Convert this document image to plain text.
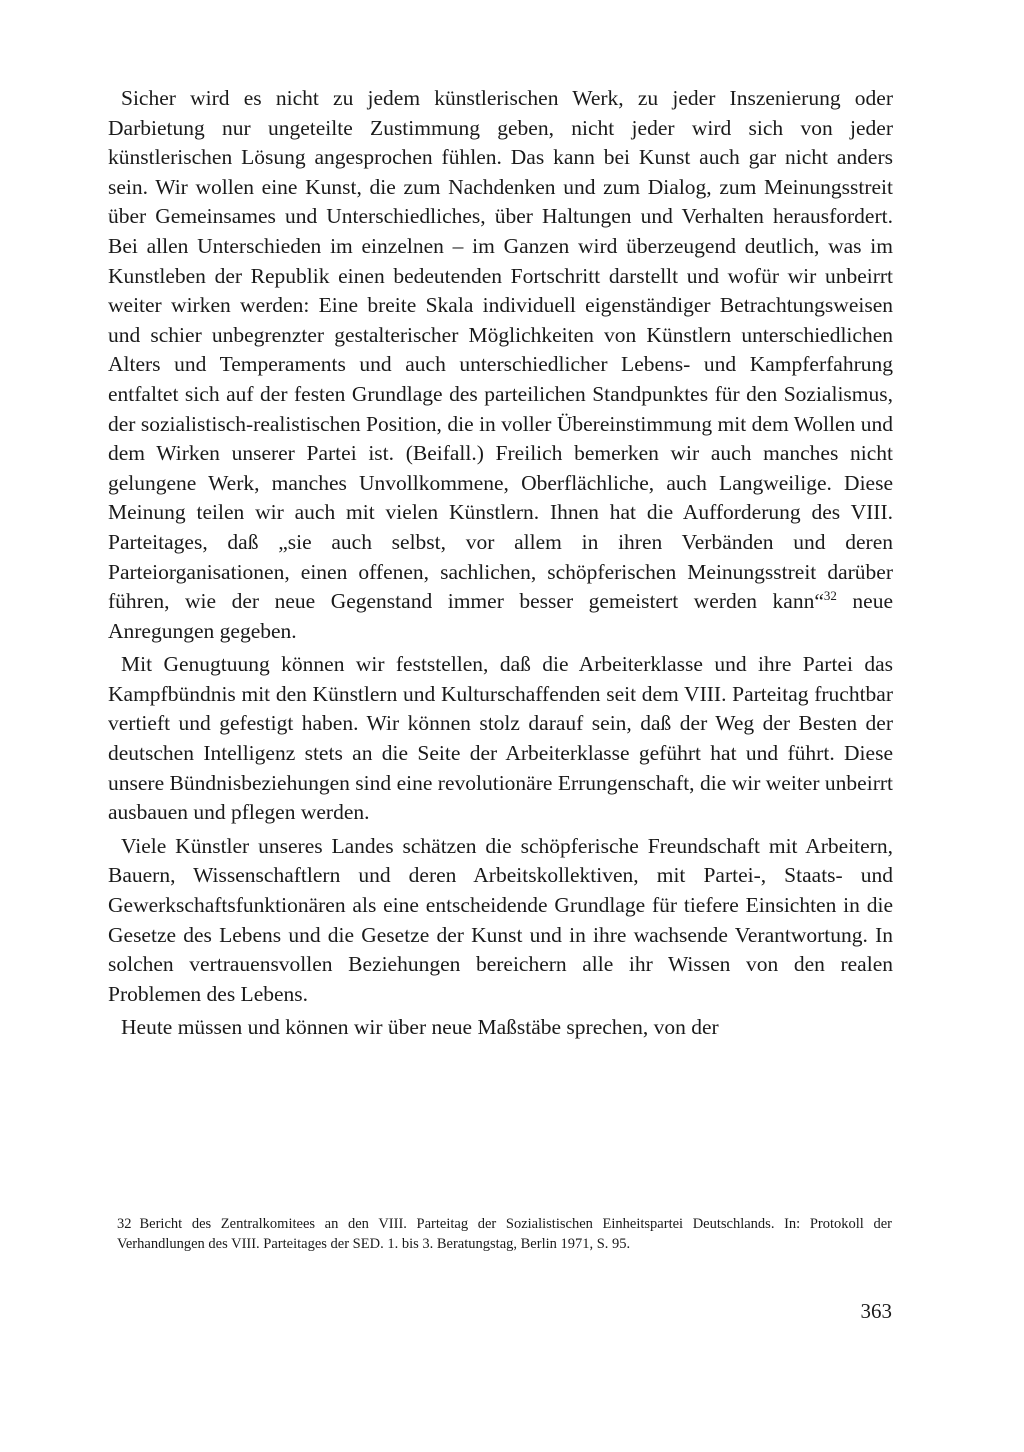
Sicher wird es nicht zu jedem künstlerischen Werk, zu jeder Inszenierung oder Darbietung nur ungeteilte Zustimmung geben, nicht jeder wird sich von jeder künstlerischen Lösung angesprochen fühlen. Das kann bei Kunst auch gar nicht anders sein. Wir wollen eine Kunst, die zum Nachdenken und zum Dialog, zum Meinungsstreit über Gemeinsames und Unterschiedliches, über Haltungen und Verhalten herausfordert. Bei allen Unterschieden im einzelnen – im Ganzen wird überzeugend deutlich, was im Kunstleben der Republik einen bedeutenden Fortschritt darstellt und wofür wir unbeirrt weiter wirken werden: Eine breite Skala individuell eigenständiger Betrachtungsweisen und schier unbegrenzter gestalterischer Möglichkeiten von Künstlern unterschiedlichen Alters und Temperaments und auch unterschiedlicher Lebens- und Kampferfahrung entfaltet sich auf der festen Grundlage des parteilichen Standpunktes für den Sozialismus, der sozialistisch-realistischen Position, die in voller Übereinstimmung mit dem Wollen und dem Wirken unserer Partei ist. (Beifall.) Freilich bemerken wir auch manches nicht gelungene Werk, manches Unvollkommene, Oberflächliche, auch Langweilige. Diese Meinung teilen wir auch mit vielen Künstlern. Ihnen hat die Aufforderung des VIII. Parteitages, daß „sie auch selbst, vor allem in ihren Verbänden und deren Parteiorganisationen, einen offenen, sachlichen, schöpferischen Meinungsstreit darüber führen, wie der neue Gegenstand immer besser gemeistert werden kann“$^{32}$ neue Anregungen gegeben.

Mit Genugtuung können wir feststellen, daß die Arbeiterklasse und ihre Partei das Kampfbündnis mit den Künstlern und Kulturschaffenden seit dem VIII. Parteitag fruchtbar vertieft und gefestigt haben. Wir können stolz darauf sein, daß der Weg der Besten der deutschen Intelligenz stets an die Seite der Arbeiterklasse geführt hat und führt. Diese unsere Bündnisbeziehungen sind eine revolutionäre Errungenschaft, die wir weiter unbeirrt ausbauen und pflegen werden.

Viele Künstler unseres Landes schätzen die schöpferische Freundschaft mit Arbeitern, Bauern, Wissenschaftlern und deren Arbeitskollektiven, mit Partei-, Staats- und Gewerkschaftsfunktionären als eine entscheidende Grundlage für tiefere Einsichten in die Gesetze des Lebens und die Gesetze der Kunst und in ihre wachsende Verantwortung. In solchen vertrauensvollen Beziehungen bereichern alle ihr Wissen von den realen Problemen des Lebens.

Heute müssen und können wir über neue Maßstäbe sprechen, von der

32 Bericht des Zentralkomitees an den VIII. Parteitag der Sozialistischen Einheitspartei Deutschlands. In: Protokoll der Verhandlungen des VIII. Parteitages der SED. 1. bis 3. Beratungstag, Berlin 1971, S. 95.

363
